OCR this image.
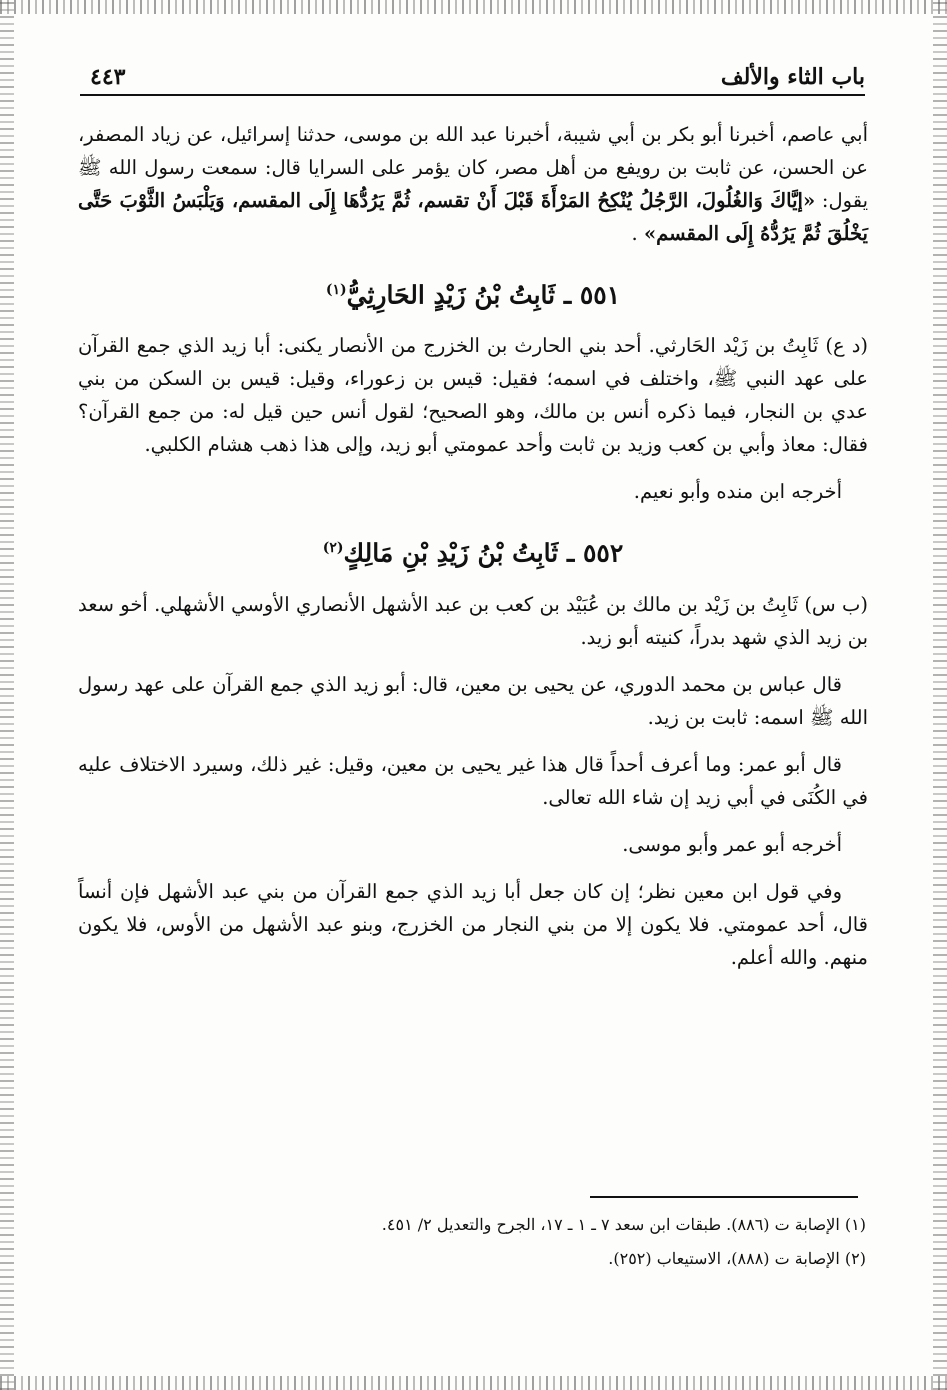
باب الثاء والألف
٤٤٣

أبي عاصم، أخبرنا أبو بكر بن أبي شيبة، أخبرنا عبد الله بن موسى، حدثنا إسرائيل، عن زياد المصفر، عن الحسن، عن ثابت بن رويفع من أهل مصر، كان يؤمر على السرايا قال: سمعت رسول الله ﷺ يقول: «إيَّاكَ وَالغُلُولَ، الرَّجُلُ يُنْكِحُ المَرْأَةَ قَبْلَ أَنْ تقسم، ثُمَّ يَرُدُّهَا إِلَى المقسم، وَيَلْبَسُ الثَّوْبَ حَتَّى يَخْلُقَ ثُمَّ يَرُدُّهُ إِلَى المقسم» .

٥٥١ ـ ثَابِتُ بْنُ زَيْدٍ الحَارِثِيُّ$^{(١)}$

(د ع) ثَابِتُ بن زَيْد الحَارثي. أحد بني الحارث بن الخزرج من الأنصار يكنى: أبا زيد الذي جمع القرآن على عهد النبي ﷺ، واختلف في اسمه؛ فقيل: قيس بن زعوراء، وقيل: قيس بن السكن من بني عدي بن النجار، فيما ذكره أنس بن مالك، وهو الصحيح؛ لقول أنس حين قيل له: من جمع القرآن؟ فقال: معاذ وأبي بن كعب وزيد بن ثابت وأحد عمومتي أبو زيد، وإلى هذا ذهب هشام الكلبي.

أخرجه ابن منده وأبو نعيم.

٥٥٢ ـ ثَابِتُ بْنُ زَيْدِ بْنِ مَالِكٍ$^{(٢)}$

(ب س) ثَابِتُ بن زَيْد بن مالك بن عُبَيْد بن كعب بن عبد الأشهل الأنصاري الأوسي الأشهلي. أخو سعد بن زيد الذي شهد بدراً، كنيته أبو زيد.

قال عباس بن محمد الدوري، عن يحيى بن معين، قال: أبو زيد الذي جمع القرآن على عهد رسول الله ﷺ اسمه: ثابت بن زيد.

قال أبو عمر: وما أعرف أحداً قال هذا غير يحيى بن معين، وقيل: غير ذلك، وسيرد الاختلاف عليه في الكُنَى في أبي زيد إن شاء الله تعالى.

أخرجه أبو عمر وأبو موسى.

وفي قول ابن معين نظر؛ إن كان جعل أبا زيد الذي جمع القرآن من بني عبد الأشهل فإن أنساً قال، أحد عمومتي. فلا يكون إلا من بني النجار من الخزرج، وبنو عبد الأشهل من الأوس، فلا يكون منهم. والله أعلم.

(١) الإصابة ت (٨٨٦). طبقات ابن سعد ٧ ـ ١ ـ ١٧، الجرح والتعديل ٢/ ٤٥١.

(٢) الإصابة ت (٨٨٨)، الاستيعاب (٢٥٢).
